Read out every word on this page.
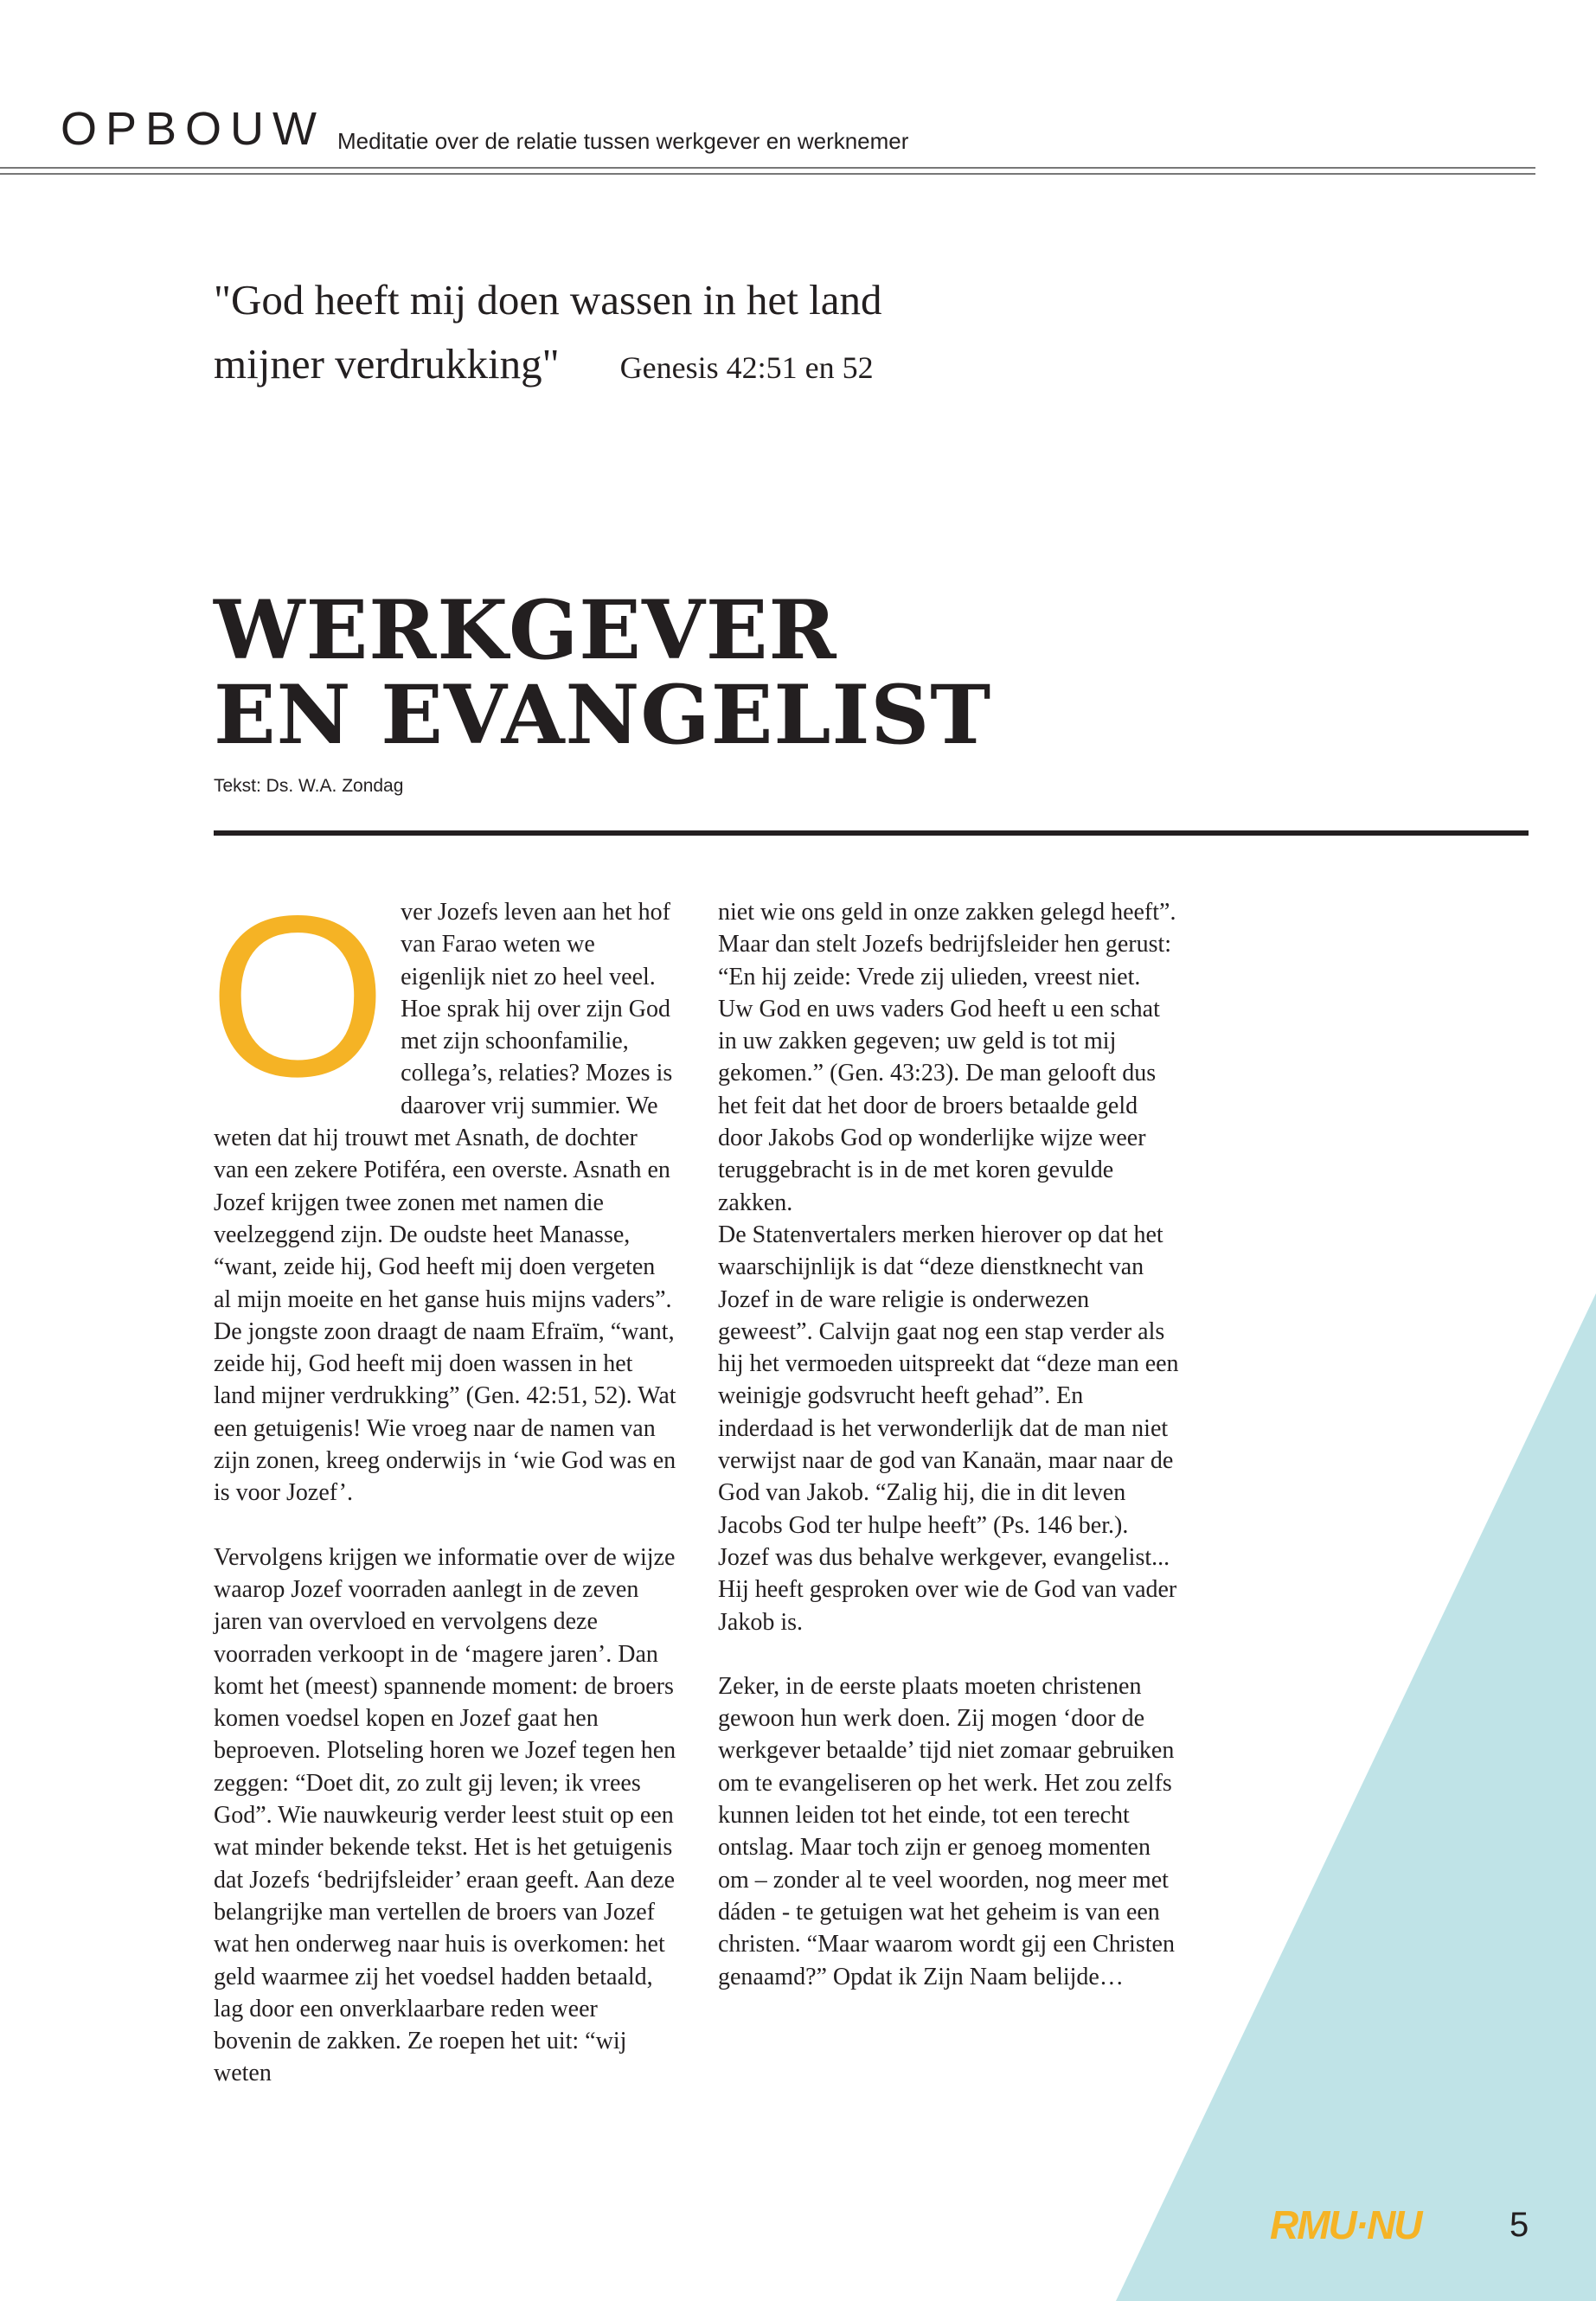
OPBOUW Meditatie over de relatie tussen werkgever en werknemer
"God heeft mij doen wassen in het land
mijner verdrukking" Genesis 42:51 en 52
WERKGEVER
EN EVANGELIST
Tekst: Ds. W.A. Zondag

Over Jozefs leven aan het hof van Farao weten we eigenlijk niet zo heel veel. Hoe sprak hij over zijn God met zijn schoonfamilie, collega’s, relaties? Mozes is daarover vrij summier. We weten dat hij trouwt met Asnath, de dochter van een zekere Potiféra, een overste. Asnath en Jozef krijgen twee zonen met namen die veelzeggend zijn. De oudste heet Manasse, “want, zeide hij, God heeft mij doen vergeten al mijn moeite en het ganse huis mijns vaders”. De jongste zoon draagt de naam Efraïm, “want, zeide hij, God heeft mij doen wassen in het land mijner verdrukking” (Gen. 42:51, 52). Wat een getuigenis! Wie vroeg naar de namen van zijn zonen, kreeg onderwijs in ‘wie God was en is voor Jozef’.

Vervolgens krijgen we informatie over de wijze waarop Jozef voorraden aanlegt in de zeven jaren van overvloed en vervolgens deze voorraden verkoopt in de ‘magere jaren’. Dan komt het (meest) spannende moment: de broers komen voedsel kopen en Jozef gaat hen beproeven. Plotseling horen we Jozef tegen hen zeggen: “Doet dit, zo zult gij leven; ik vrees God”. Wie nauwkeurig verder leest stuit op een wat minder bekende tekst. Het is het getuigenis dat Jozefs ‘bedrijfsleider’ eraan geeft. Aan deze belangrijke man vertellen de broers van Jozef wat hen onderweg naar huis is overkomen: het geld waarmee zij het voedsel hadden betaald, lag door een onverklaarbare reden weer bovenin de zakken. Ze roepen het uit: “wij weten

niet wie ons geld in onze zakken gelegd heeft”. Maar dan stelt Jozefs bedrijfsleider hen gerust: “En hij zeide: Vrede zij ulieden, vreest niet. Uw God en uws vaders God heeft u een schat in uw zakken gegeven; uw geld is tot mij gekomen.” (Gen. 43:23). De man gelooft dus het feit dat het door de broers betaalde geld door Jakobs God op wonderlijke wijze weer teruggebracht is in de met koren gevulde zakken.

De Statenvertalers merken hierover op dat het waarschijnlijk is dat “deze dienstknecht van Jozef in de ware religie is onderwezen geweest”. Calvijn gaat nog een stap verder als hij het vermoeden uitspreekt dat “deze man een weinigje godsvrucht heeft gehad”. En inderdaad is het verwonderlijk dat de man niet verwijst naar de god van Kanaän, maar naar de God van Jakob. “Zalig hij, die in dit leven Jacobs God ter hulpe heeft” (Ps. 146 ber.). Jozef was dus behalve werkgever, evangelist... Hij heeft gesproken over wie de God van vader Jakob is.

Zeker, in de eerste plaats moeten christenen gewoon hun werk doen. Zij mogen ‘door de werkgever betaalde’ tijd niet zomaar gebruiken om te evangeliseren op het werk. Het zou zelfs kunnen leiden tot het einde, tot een terecht ontslag. Maar toch zijn er genoeg momenten om – zonder al te veel woorden, nog meer met dáden - te getuigen wat het geheim is van een christen. “Maar waarom wordt gij een Christen genaamd?” Opdat ik Zijn Naam belijde…

RMU·NU	5
